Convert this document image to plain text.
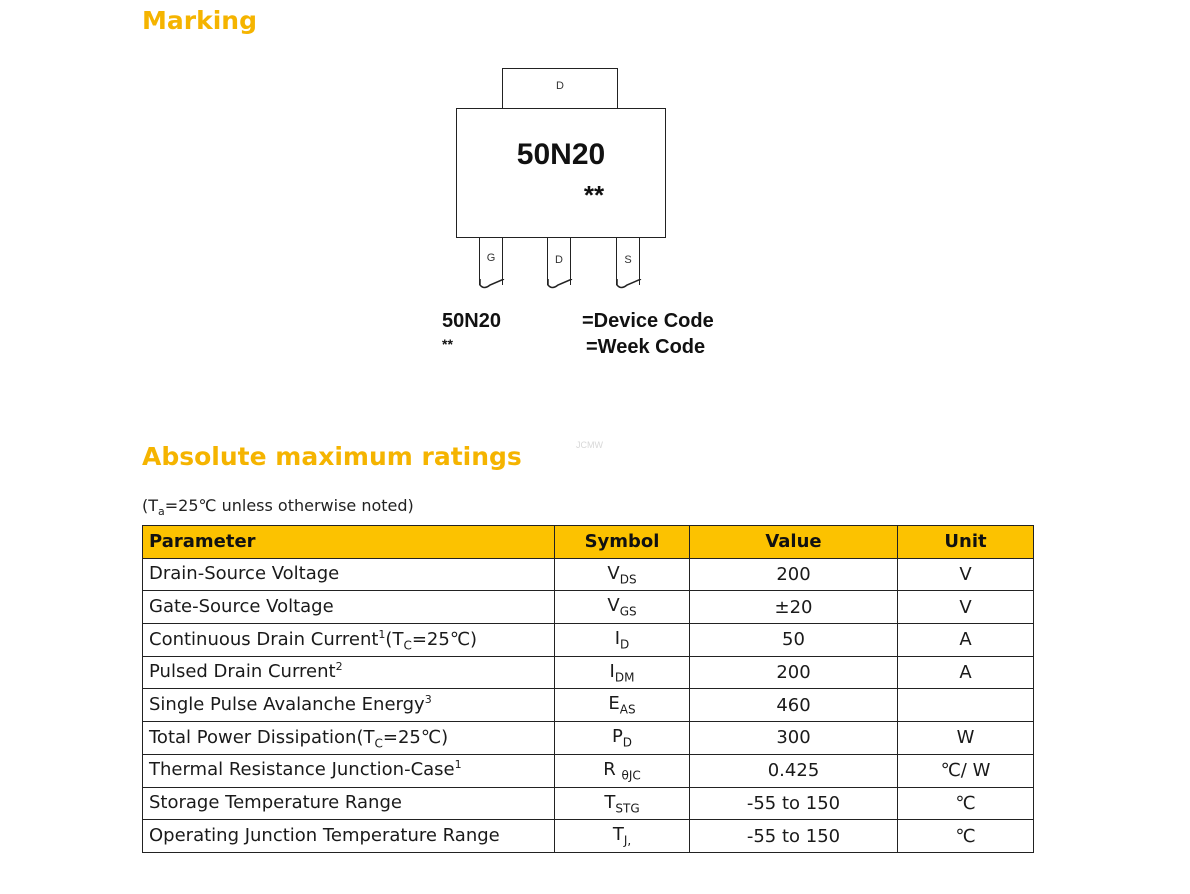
Marking
D
50N20
**
G	D	S
50N20	=Device Code
**	=Week Code
JCMW
Absolute maximum ratings
($T_a=25℃$ unless otherwise noted)
Parameter	Symbol	Value	Unit
Drain-Source Voltage	$V_{DS}$	200	V
Gate-Source Voltage	$V_{GS}$	±20	V
Continuous Drain $Current^1(T_C=25℃)$	$I_D$	50	A
Pulsed Drain Current$^2$	$I_{DM}$	200	A
Single Pulse Avalanche Energy$^3$	$E_{AS}$	460	
Total Power $Dissipation(T_C=25℃)$	$P_D$	300	W
Thermal Resistance Junction-Case$^1$	R $_{\theta JC}$	0.425	℃/ W
Storage Temperature Range	$T_{STG}$	-55 to 150	℃
Operating Junction Temperature Range	$T_{J,}$	-55 to 150	℃
